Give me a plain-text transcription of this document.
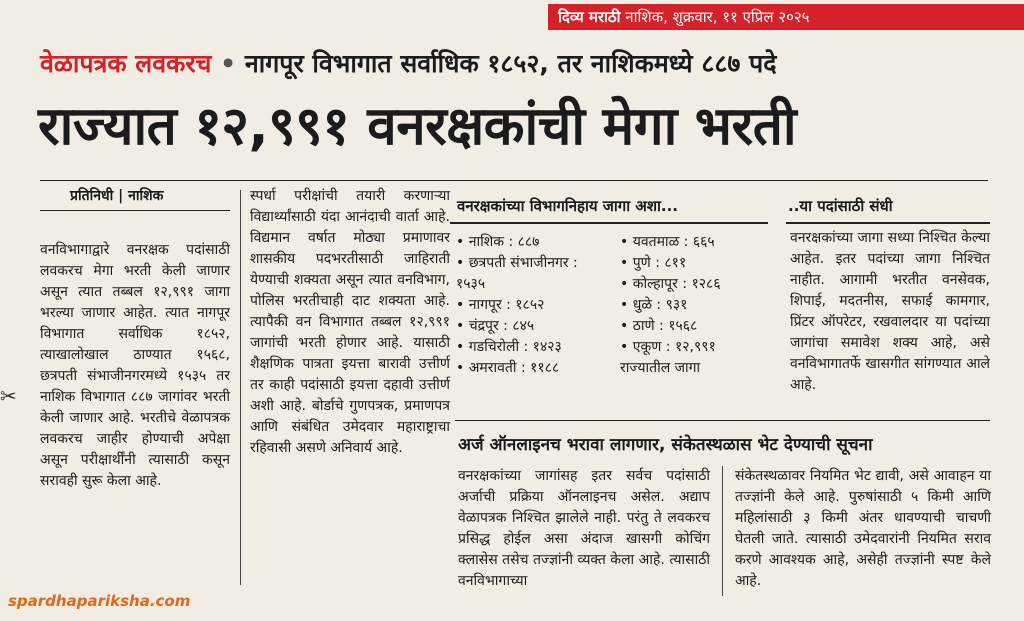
दिव्य मराठी नाशिक, शुक्रवार, ११ एप्रिल २०२५
वेळापत्रक लवकरच • नागपूर विभागात सर्वाधिक १८५२, तर नाशिकमध्ये ८८७ पदे
राज्यात १२,९९१ वनरक्षकांची मेगा भरती
प्रतिनिधी | नाशिक

वनविभागाद्वारे वनरक्षक पदांसाठी लवकरच मेगा भरती केली जाणार असून त्यात तब्बल १२,९९१ जागा भरल्या जाणार आहेत. त्यात नागपूर विभागात सर्वाधिक १८५२, त्याखालोखाल ठाण्यात १५६८, छत्रपती संभाजीनगरमध्ये १५३५ तर नाशिक विभागात ८८७ जागांवर भरती केली जाणार आहे. भरतीचे वेळापत्रक लवकरच जाहीर होण्याची अपेक्षा असून परीक्षार्थींनी त्यासाठी कसून सरावही सुरू केला आहे.

स्पर्धा परीक्षांची तयारी करणाऱ्या विद्यार्थ्यांसाठी यंदा आनंदाची वार्ता आहे. विद्यमान वर्षात मोठ्या प्रमाणावर शासकीय पदभरतीसाठी जाहिराती येण्याची शक्यता असून त्यात वनविभाग, पोलिस भरतीचाही दाट शक्यता आहे. त्यापैकी वन विभागात तब्बल १२,९९१ जागांची भरती होणार आहे. यासाठी शैक्षणिक पात्रता इयत्ता बारावी उत्तीर्ण तर काही पदांसाठी इयत्ता दहावी उत्तीर्ण अशी आहे. बोर्डाचे गुणपत्रक, प्रमाणपत्र आणि संबंधित उमेदवार महाराष्ट्राचा रहिवासी असणे अनिवार्य आहे.

वनरक्षकांच्या विभागनिहाय जागा अशा...
• नाशिक : ८८७
• छत्रपती संभाजीनगर :
१५३५
• नागपूर : १८५२
• चंद्रपूर : ८४५
• गडचिरोली : १४२३
• अमरावती : ११८८
• यवतमाळ : ६६५
• पुणे : ८११
• कोल्हापूर : १२८६
• धुळे : ९३१
• ठाणे : १५६८
• एकूण : १२,९९१
राज्यातील जागा
..या पदांसाठी संधी

वनरक्षकांच्या जागा सध्या निश्चित केल्या आहेत. इतर पदांच्या जागा निश्चित नाहीत. आगामी भरतीत वनसेवक, शिपाई, मदतनीस, सफाई कामगार, प्रिंटर ऑपरेटर, रखवालदार या पदांच्या जागांचा समावेश शक्य आहे, असे वनविभागातर्फे खासगीत सांगण्यात आले आहे.

अर्ज ऑनलाइनच भरावा लागणार, संकेतस्थळास भेट देण्याची सूचना

वनरक्षकांच्या जागांसह इतर सर्वच पदांसाठी अर्जाची प्रक्रिया ऑनलाइनच असेल. अद्याप वेळापत्रक निश्चित झालेले नाही. परंतु ते लवकरच प्रसिद्ध होईल असा अंदाज खासगी कोचिंग क्लासेस तसेच तज्ज्ञांनी व्यक्त केला आहे. त्यासाठी वनविभागाच्या

संकेतस्थळावर नियमित भेट द्यावी, असे आवाहन या तज्ज्ञांनी केले आहे. पुरुषांसाठी ५ किमी आणि महिलांसाठी ३ किमी अंतर धावण्याची चाचणी घेतली जाते. त्यासाठी उमेदवारांनी नियमित सराव करणे आवश्यक आहे, असेही तज्ज्ञांनी स्पष्ट केले आहे.

✂
spardhapariksha.com
